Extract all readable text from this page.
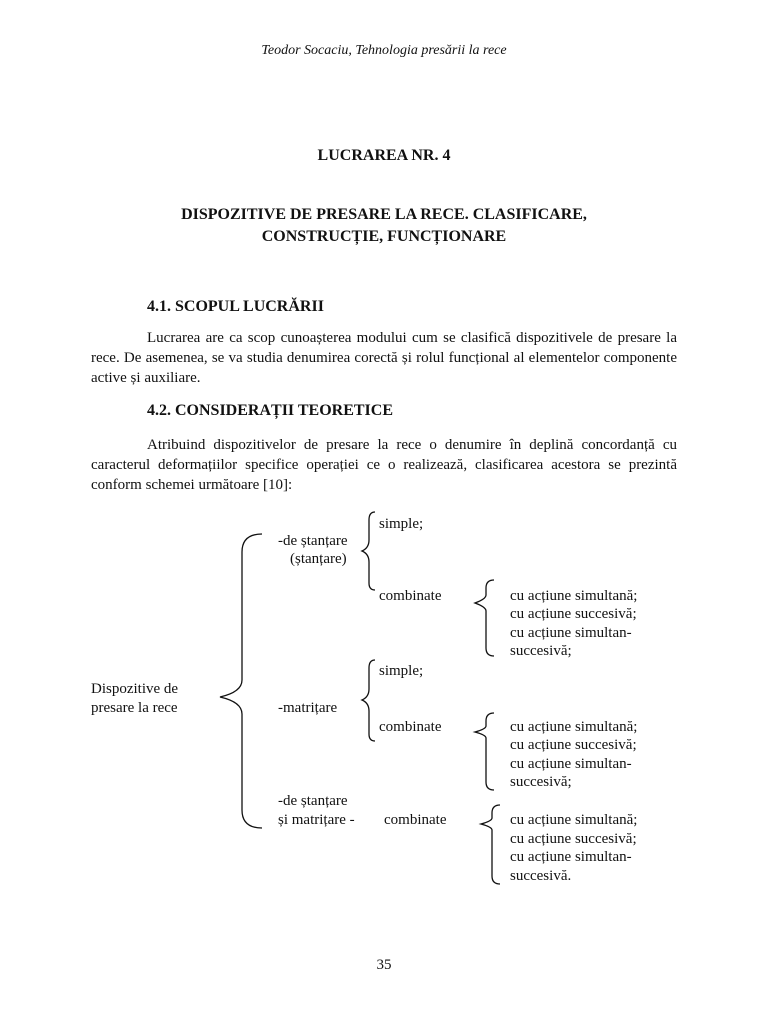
Teodor Socaciu, Tehnologia presării la rece
LUCRAREA NR. 4
DISPOZITIVE DE PRESARE LA RECE. CLASIFICARE,
CONSTRUCȚIE, FUNCȚIONARE
4.1. SCOPUL LUCRĂRII

Lucrarea are ca scop cunoașterea modului cum se clasifică dispozitivele de presare la rece. De asemenea, se va studia denumirea corectă și rolul funcțional al elementelor componente active și auxiliare.

4.2. CONSIDERAȚII TEORETICE

Atribuind dispozitivelor de presare la rece o denumire în deplină concordanță cu caracterul deformațiilor specifice operației ce o realizează, clasificarea acestora se prezintă conform schemei următoare [10]:

Dispozitive de
presare la rece
-de ștanțare
(ștanțare)
simple;
combinate	cu acțiune simultană;
cu acțiune succesivă;
cu acțiune simultan-
succesivă;
-matrițare
simple;
combinate	cu acțiune simultană;
cu acțiune succesivă;
cu acțiune simultan-
succesivă;
-de ștanțare
și matrițare - combinate	cu acțiune simultană;
cu acțiune succesivă;
cu acțiune simultan-
succesivă.
35
